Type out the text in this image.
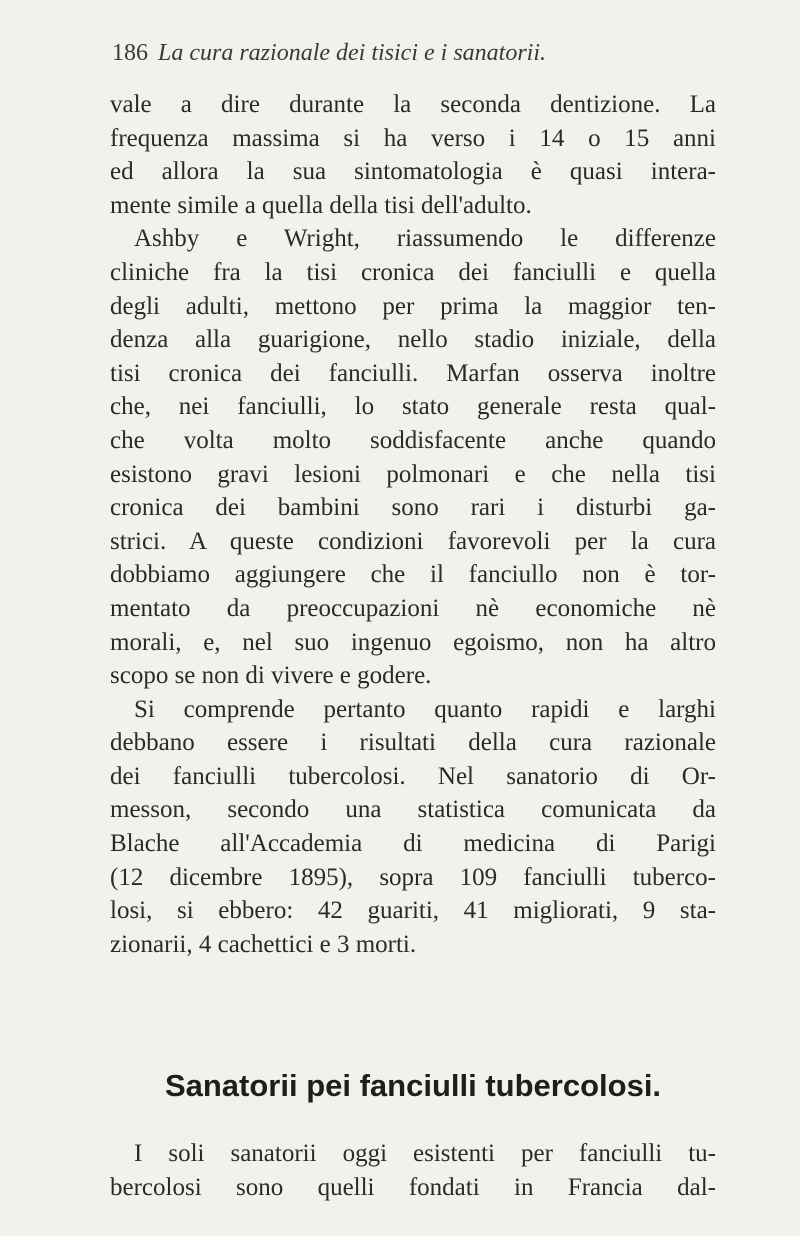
186 La cura razionale dei tisici e i sanatorii.
vale a dire durante la seconda dentizione. La
frequenza massima si ha verso i 14 o 15 anni
ed allora la sua sintomatologia è quasi intera-
mente simile a quella della tisi dell'adulto.
Ashby e Wright, riassumendo le differenze
cliniche fra la tisi cronica dei fanciulli e quella
degli adulti, mettono per prima la maggior ten-
denza alla guarigione, nello stadio iniziale, della
tisi cronica dei fanciulli. Marfan osserva inoltre
che, nei fanciulli, lo stato generale resta qual-
che volta molto soddisfacente anche quando
esistono gravi lesioni polmonari e che nella tisi
cronica dei bambini sono rari i disturbi ga-
strici. A queste condizioni favorevoli per la cura
dobbiamo aggiungere che il fanciullo non è tor-
mentato da preoccupazioni nè economiche nè
morali, e, nel suo ingenuo egoismo, non ha altro
scopo se non di vivere e godere.
Si comprende pertanto quanto rapidi e larghi
debbano essere i risultati della cura razionale
dei fanciulli tubercolosi. Nel sanatorio di Or-
messon, secondo una statistica comunicata da
Blache all'Accademia di medicina di Parigi
(12 dicembre 1895), sopra 109 fanciulli tuberco-
losi, si ebbero: 42 guariti, 41 migliorati, 9 sta-
zionarii, 4 cachettici e 3 morti.
Sanatorii pei fanciulli tubercolosi.
I soli sanatorii oggi esistenti per fanciulli tu-
bercolosi sono quelli fondati in Francia dal-
